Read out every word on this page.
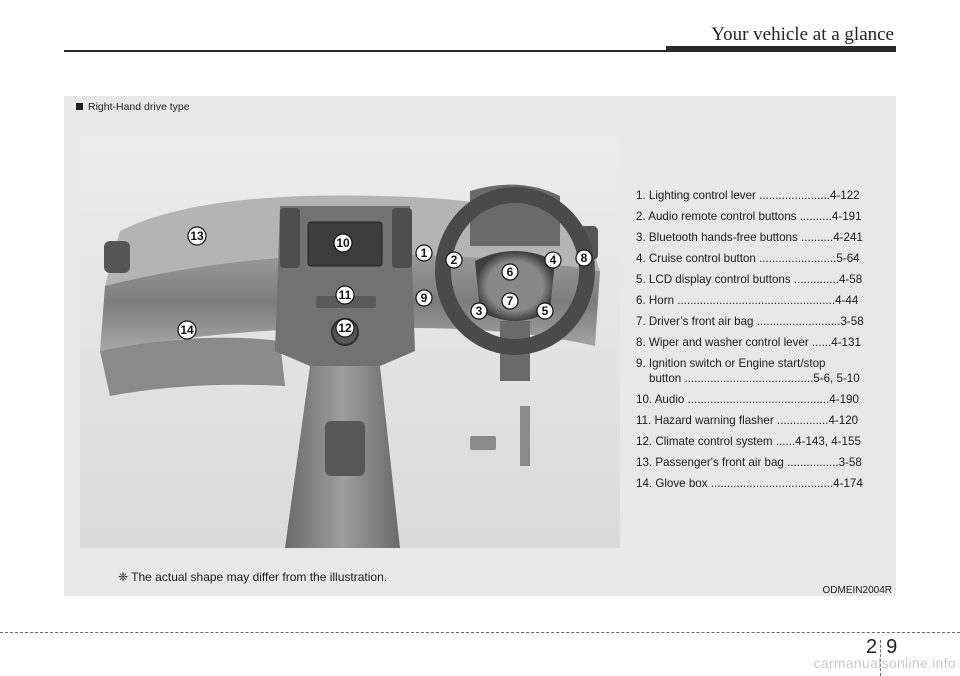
Your vehicle at a glance
Right-Hand drive type
1 2
3
4
5
6
7
8
9
10
11
12
13
14
1. Lighting control lever ......................4-122
2. Audio remote control buttons ..........4-191
3. Bluetooth hands-free buttons ..........4-241
4. Cruise control button ........................5-64
5. LCD display control buttons ..............4-58
6. Horn .................................................4-44
7. Driver’s front air bag ..........................3-58
8. Wiper and washer control lever ......4-131
9. Ignition switch or Engine start/stop
button ........................................5-6, 5-10
10. Audio ............................................4-190
11. Hazard warning flasher ................4-120
12. Climate control system ......4-143, 4-155
13. Passenger's front air bag ................3-58
14. Glove box ......................................4-174
❈ The actual shape may differ from the illustration.
ODMEIN2004R
2 9
carmanualsonline.info
